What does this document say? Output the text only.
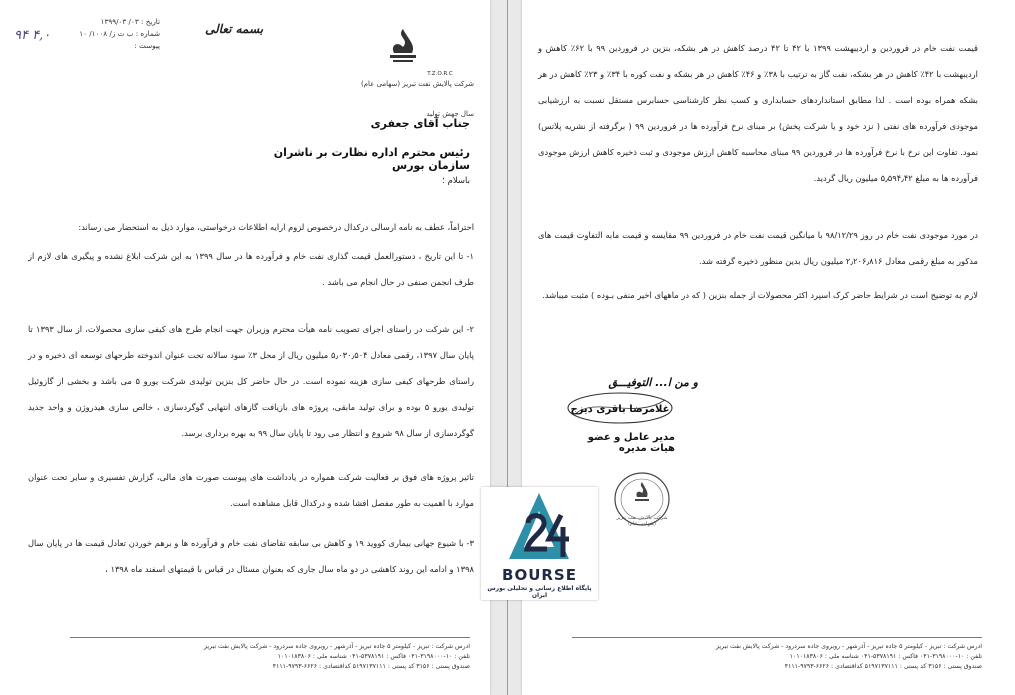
تاریخ : ۰۳/ ۱۳۹۹/۰۳
شماره : ب ت ز/ ۱۰۰۸/ ۱۰
پیوست :
۹۴ ۴,۰	بسمه تعالی
T.Z.O.R.C
شرکت پالایش نفت تبریز (سهامی عام)
سال جهش تولید
جناب آقای جعفری
رئیس محترم اداره نظارت بر ناشران سازمان بورس
باسلام ؛
احتراماً، عطف به نامه ارسالی درکدال درخصوص لزوم ارایه اطلاعات درخواستی، موارد ذیل به استحضار می رساند:
۱- تا این تاریخ ، دستورالعمل قیمت گذاری نفت خام و فرآورده ها در سال ۱۳۹۹ به این شرکت ابلاغ نشده و پیگیری های لازم از طرف انجمن صنفی در حال انجام می باشد .
۲- این شرکت در راستای اجرای تصویب نامه هیأت محترم وزیران جهت انجام طرح های کیفی سازی محصولات، از سال ۱۳۹۳ تا پایان سال ۱۳۹۷، رقمی معادل ۵٫۰۳۰٫۵۰۴ میلیون ریال از محل ۳٪ سود سالانه تحت عنوان اندوخته طرحهای توسعه ای ذخیره و در راستای طرحهای کیفی سازی هزینه نموده است. در حال حاضر کل بنزین تولیدی شرکت یورو ۵ می باشد و بخشی از گازوئیل تولیدی یورو ۵ بوده و برای تولید مابقی، پروژه های بازیافت گازهای انتهایی گوگردسازی ، خالص سازی هیدروژن و واحد جدید گوگردسازی از سال ۹۸ شروع و انتظار می رود تا پایان سال ۹۹ به بهره برداری برسد.
تاثیر پروژه های فوق بر فعالیت شرکت همواره در یادداشت های پیوست صورت های مالی، گزارش تفسیری و سایر تحت عنوان موارد با اهمیت به طور مفصل افشا شده و درکدال قابل مشاهده است.
۳- با شیوع جهانی بیماری کووید ۱۹ و کاهش بی سابقه تقاضای نفت خام و فرآورده ها و برهم خوردن تعادل قیمت ها در پایان سال ۱۳۹۸ و ادامه این روند کاهشی در دو ماه سال جاری که بعنوان مسئال در قیاس با قیمتهای اسفند ماه ۱۳۹۸ ،
ادرس شرکت : تبریز - کیلومتر ۵ جاده تبریز - آذرشهر - روبروی جاده سردرود - شرکت پالایش نفت تبریز
تلفن : ۱۰-۳۱۹۸۰۰۰-۰۴۱ فاکس : ۵۳۷۸۱۹۱-۰۴۱ شناسه ملی : ۱۰۱۰۱۸۳۸۰۶
صندوق پستی : ۳۱۵۶ کد پستی : ۵۱۹۷۱۳۷۱۱۱ کداقتصادی : ۶۶۲۶-۹۷۹۳-۴۱۱۱
قیمت نفت خام در فروردین و اردیبهشت ۱۳۹۹ با ۴۲ تا ۴۲ درصد کاهش در هر بشکه، بنزین در فروردین ۹۹ با ۶۲٪ کاهش و اردیبهشت با ۴۲٪ کاهش در هر بشکه، نفت گاز به ترتیب با ۳۸٪ و ۴۶٪ کاهش در هر بشکه و نفت کوره با ۳۴٪ و ۲۳٪ کاهش در هر بشکه همراه بوده است . لذا مطابق استانداردهای حسابداری و کسب نظر کارشناسی حسابرس مستقل نسبت به ارزشیابی موجودی فرآورده های نفتی ( نزد خود و یا شرکت پخش) بر مبنای نرخ فرآورده ها در فروردین ۹۹ ( برگرفته از نشریه پلاتس) نمود. تفاوت این نرخ با نرخ فرآورده ها در فروردین ۹۹ مبنای محاسبه کاهش ارزش موجودی و ثبت ذخیره کاهش ارزش موجودی فرآورده ها به مبلغ ۵٫۵۹۴٫۴۲ میلیون ریال گردید.
در مورد موجودی نفت خام در روز ۹۸/۱۲/۲۹ با میانگین قیمت نفت خام در فروردین ۹۹ مقایسه و قیمت مابه التفاوت قیمت های مذکور به مبلغ رقمی معادل ۲٫۲۰۶٫۸۱۶ میلیون ریال بدین منظور ذخیره گرفته شد.
لازم به توضیح است در شرایط حاضر کرک اسپرد اکثر محصولات از جمله بنزین ( که در ماههای اخیر منفی بـوده ) مثبت میباشد.
ادرس شرکت : تبریز - کیلومتر ۵ جاده تبریز - آذرشهر - روبروی جاده سردرود - شرکت پالایش نفت تبریز
تلفن : ۱۰-۳۱۹۸۰۰۰-۰۴۱ فاکس : ۵۳۷۸۱۹۱-۰۴۱ شناسه ملی : ۱۰۱۰۱۸۳۸۰۶
صندوق پستی : ۳۱۵۶ کد پستی : ۵۱۹۷۱۳۷۱۱۱ کداقتصادی : ۶۶۲۶-۹۷۹۳-۴۱۱۱
و من ا... التوفیـــق
غلامرضا باقری دیزج
مدیر عامل و عضو هیات مدیره
شرکت پالایش نفت تبریز (سهامی عام)
BOURSE
پایگاه اطلاع رسانی و تحلیلی بورس ایران
